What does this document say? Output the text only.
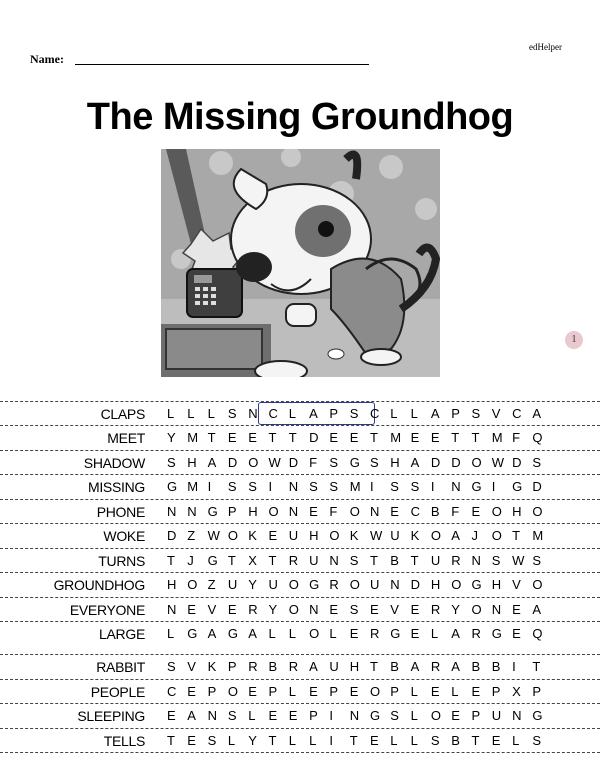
edHelper
Name:
The Missing Groundhog
1
CLAPS L	L	L	S N C L	A P S C L	L	A P S V C A
MEET Y M T E E T T D E E T M E E T T M F Q
SHADOW S H A D O W D F S G S H A D D O W D S
MISSING G M I	S S I	N S S M I	S S I	N G I	G D
PHONE N N G P H O N E F O N E C B F E O H O
WOKE D Z W O K E U H O K W U K O A J	O T M
TURNS T J	G T X T R U N S T B T U R N S W S
GROUNDHOG H O Z U Y U O G R O U N D H O G H V O
EVERYONE N E V E R Y O N E S E V E R Y O N E A
LARGE L	G A G A L	L	O L	E R G E L	A R G E Q
RABBIT S V K P R B R A U H T B A R A B B I	T
PEOPLE C E P O E P L	E P E O P L	E L	E P X P
SLEEPING E A N S L	E E P I	N G S L	O E P U N G
TELLS T E S L	Y T L	L	I	T E L	L	S B T E L	S
